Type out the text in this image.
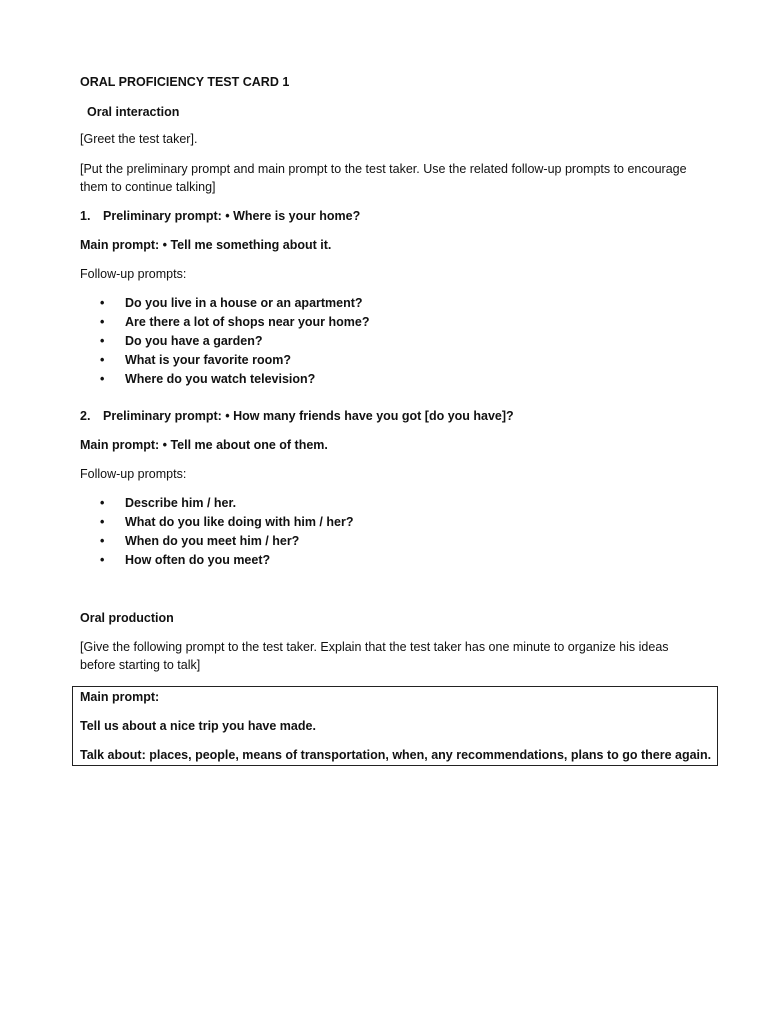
ORAL PROFICIENCY TEST CARD 1
Oral interaction
[Greet the test taker].
[Put the preliminary prompt and main prompt to the test taker. Use the related follow-up prompts to encourage
them to continue talking]
1. Preliminary prompt: • Where is your home?
Main prompt: • Tell me something about it.
Follow-up prompts:
• Do you live in a house or an apartment?
• Are there a lot of shops near your home?
• Do you have a garden?
• What is your favorite room?
• Where do you watch television?
2. Preliminary prompt: • How many friends have you got [do you have]?
Main prompt: • Tell me about one of them.
Follow-up prompts:
• Describe him / her.
• What do you like doing with him / her?
• When do you meet him / her?
• How often do you meet?
Oral production
[Give the following prompt to the test taker. Explain that the test taker has one minute to organize his ideas
before starting to talk]
Main prompt:
Tell us about a nice trip you have made.
Talk about: places, people, means of transportation, when, any recommendations, plans to go there again.
